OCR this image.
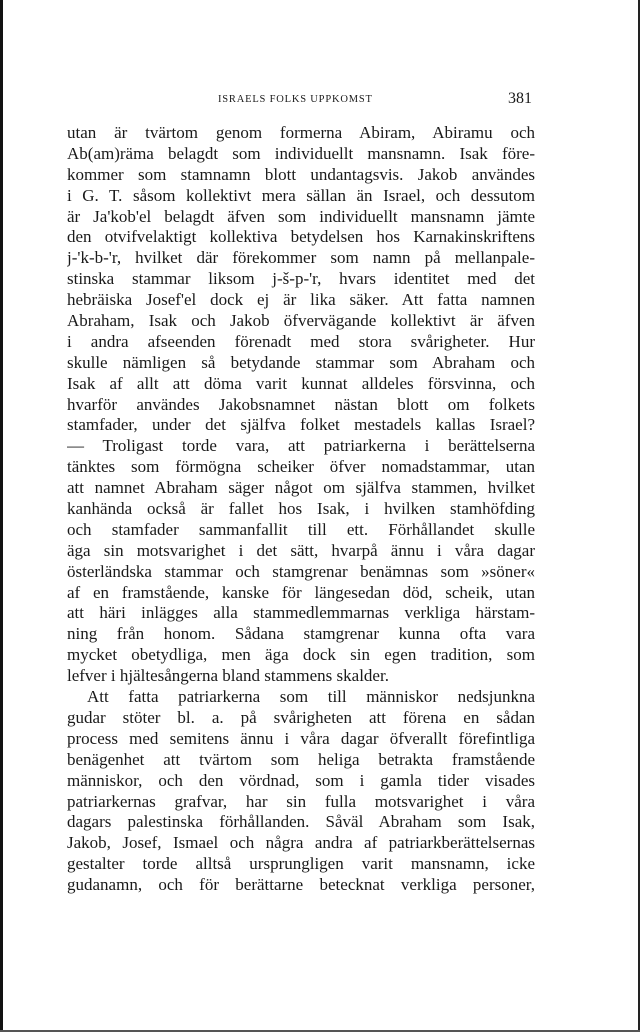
ISRAELS FOLKS UPPKOMST	381
utan är tvärtom genom formerna Abiram, Abiramu och
Ab(am)räma belagdt som individuellt mansnamn. Isak före-
kommer som stamnamn blott undantagsvis. Jakob användes
i G. T. såsom kollektivt mera sällan än Israel, och dessutom
är Ja'kob'el belagdt äfven som individuellt mansnamn jämte
den otvifvelaktigt kollektiva betydelsen hos Karnakinskriftens
j-'k-b-'r, hvilket där förekommer som namn på mellanpale-
stinska stammar liksom j-š-p-'r, hvars identitet med det
hebräiska Josef'el dock ej är lika säker. Att fatta namnen
Abraham, Isak och Jakob öfvervägande kollektivt är äfven
i andra afseenden förenadt med stora svårigheter. Hur
skulle nämligen så betydande stammar som Abraham och
Isak af allt att döma varit kunnat alldeles försvinna, och
hvarför användes Jakobsnamnet nästan blott om folkets
stamfader, under det själfva folket mestadels kallas Israel?
— Troligast torde vara, att patriarkerna i berättelserna
tänktes som förmögna scheiker öfver nomadstammar, utan
att namnet Abraham säger något om själfva stammen, hvilket
kanhända också är fallet hos Isak, i hvilken stamhöfding
och stamfader sammanfallit till ett. Förhållandet skulle
äga sin motsvarighet i det sätt, hvarpå ännu i våra dagar
österländska stammar och stamgrenar benämnas som »söner«
af en framstående, kanske för längesedan död, scheik, utan
att häri inlägges alla stammedlemmarnas verkliga härstam-
ning från honom. Sådana stamgrenar kunna ofta vara
mycket obetydliga, men äga dock sin egen tradition, som
lefver i hjältesångerna bland stammens skalder.
Att fatta patriarkerna som till människor nedsjunkna
gudar stöter bl. a. på svårigheten att förena en sådan
process med semitens ännu i våra dagar öfverallt förefintliga
benägenhet att tvärtom som heliga betrakta framstående
människor, och den vördnad, som i gamla tider visades
patriarkernas grafvar, har sin fulla motsvarighet i våra
dagars palestinska förhållanden. Såväl Abraham som Isak,
Jakob, Josef, Ismael och några andra af patriarkberättelsernas
gestalter torde alltså ursprungligen varit mansnamn, icke
gudanamn, och för berättarne betecknat verkliga personer,
